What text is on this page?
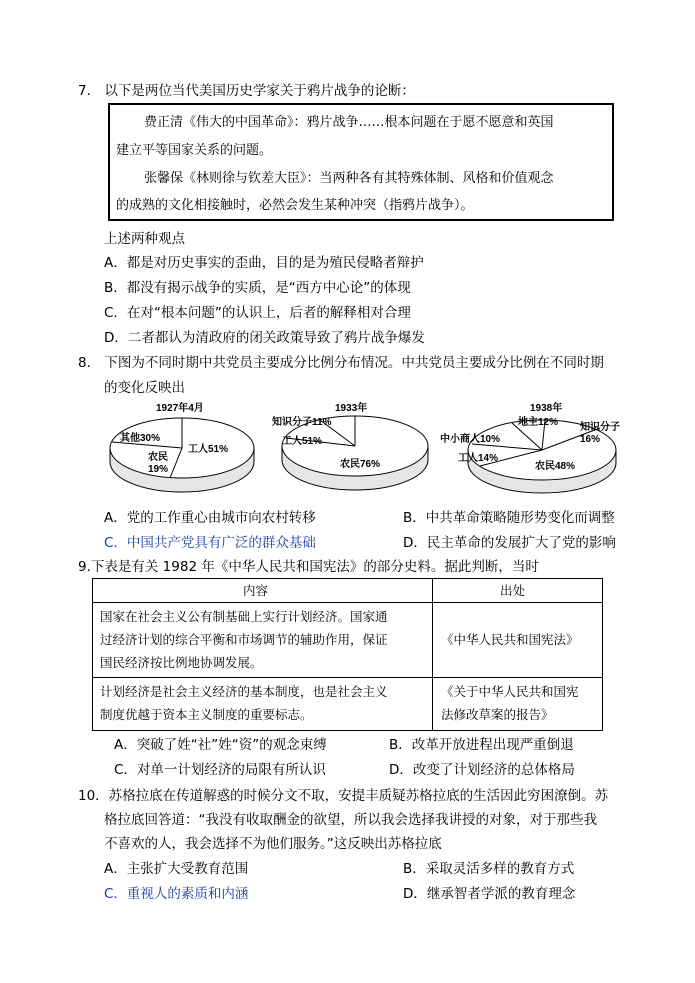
7． 以下是两位当代美国历史学家关于鸦片战争的论断：
费正清《伟大的中国革命》：鸦片战争……根本问题在于愿不愿意和英国
建立平等国家关系的问题。
张馨保《林则徐与钦差大臣》：当两种各有其特殊体制、风格和价值观念
的成熟的文化相接触时，必然会发生某种冲突（指鸦片战争）。
上述两种观点
A．都是对历史事实的歪曲，目的是为殖民侵略者辩护
B．都没有揭示战争的实质，是“西方中心论”的体现
C．在对“根本问题”的认识上，后者的解释相对合理
D．二者都认为清政府的闭关政策导致了鸦片战争爆发
8． 下图为不同时期中共党员主要成分比例分布情况。中共党员主要成分比例在不同时期
的变化反映出
1927年4月
其他30%
工人51%
农民
19%
1933年
知识分子11%
工人51%
农民76%
1938年
地主12% 知识分子
16%
中小商人10%
工人14%
农民48%
A．党的工作重心由城市向农村转移	B．中共革命策略随形势变化而调整
C．中国共产党具有广泛的群众基础	D．民主革命的发展扩大了党的影响
9.下表是有关 1982 年《中华人民共和国宪法》的部分史料。据此判断，当时
内容	出处
国家在社会主义公有制基础上实行计划经济。国家通
过经济计划的综合平衡和市场调节的辅助作用，保证
国民经济按比例地协调发展。
《中华人民共和国宪法》
计划经济是社会主义经济的基本制度，也是社会主义
制度优越于资本主义制度的重要标志。
《关于中华人民共和国宪
法修改草案的报告》
A．突破了姓“社”姓“资”的观念束缚	B．改革开放进程出现严重倒退
C．对单一计划经济的局限有所认识	D．改变了计划经济的总体格局
10．苏格拉底在传道解惑的时候分文不取，安提丰质疑苏格拉底的生活因此穷困潦倒。苏
格拉底回答道：“我没有收取酬金的欲望，所以我会选择我讲授的对象，对于那些我
不喜欢的人，我会选择不为他们服务。”这反映出苏格拉底
A．主张扩大受教育范围	B．采取灵活多样的教育方式
C．重视人的素质和内涵	D．继承智者学派的教育理念
